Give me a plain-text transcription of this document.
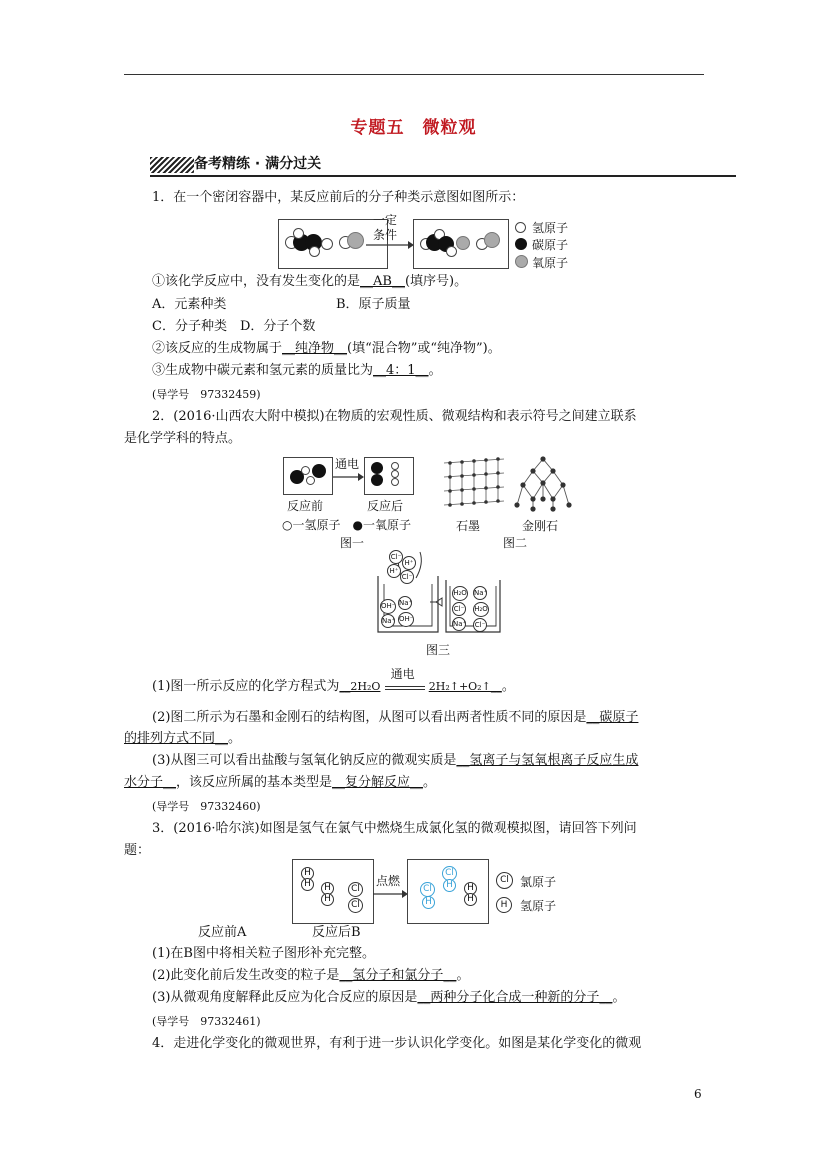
专题五　微粒观
备考精练 · 满分过关
1．在一个密闭容器中，某反应前后的分子种类示意图如图所示：
一定
条件	氢原子
碳原子
氧原子
①该化学反应中，没有发生变化的是__AB__(填序号)。
A．元素种类	B．原子质量
C．分子种类　D．分子个数
②该反应的生成物属于__纯净物__(填“混合物”或“纯净物”)。
③生成物中碳元素和氢元素的质量比为__4：1__。
(导学号　97332459)
2．(2016·山西农大附中模拟)在物质的宏观性质、微观结构和表示符号之间建立联系
是化学学科的特点。
通电
反应前	反应后
○一氢原子　●一氧原子
图一
石墨	金刚石
图二
Cl⁻
H⁺
H⁺
Cl⁻
OH⁻ Na⁺
Na⁺ OH⁻
H₂O Na⁺
Cl⁻ H₂O
Na⁺ Cl⁻
图三
(1)图一所示反应的化学方程式为__2H₂O
通电
2H₂↑+O₂↑__。
(2)图二所示为石墨和金刚石的结构图，从图可以看出两者性质不同的原因是__碳原子
的排列方式不同__。
(3)从图三可以看出盐酸与氢氧化钠反应的微观实质是__氢离子与氢氧根离子反应生成
水分子__，该反应所属的基本类型是__复分解反应__。
(导学号　97332460)
3．(2016·哈尔滨)如图是氢气在氯气中燃烧生成氯化氢的微观模拟图，请回答下列问
题：
H
H	H
H
Cl
Cl
点燃
Cl
H
Cl
H	H
H
Cl 氯原子
H	氢原子
反应前A	反应后B
(1)在B图中将相关粒子图形补充完整。
(2)此变化前后发生改变的粒子是__氢分子和氯分子__。
(3)从微观角度解释此反应为化合反应的原因是__两种分子化合成一种新的分子__。
(导学号　97332461)
4．走进化学变化的微观世界，有利于进一步认识化学变化。如图是某化学变化的微观
6
